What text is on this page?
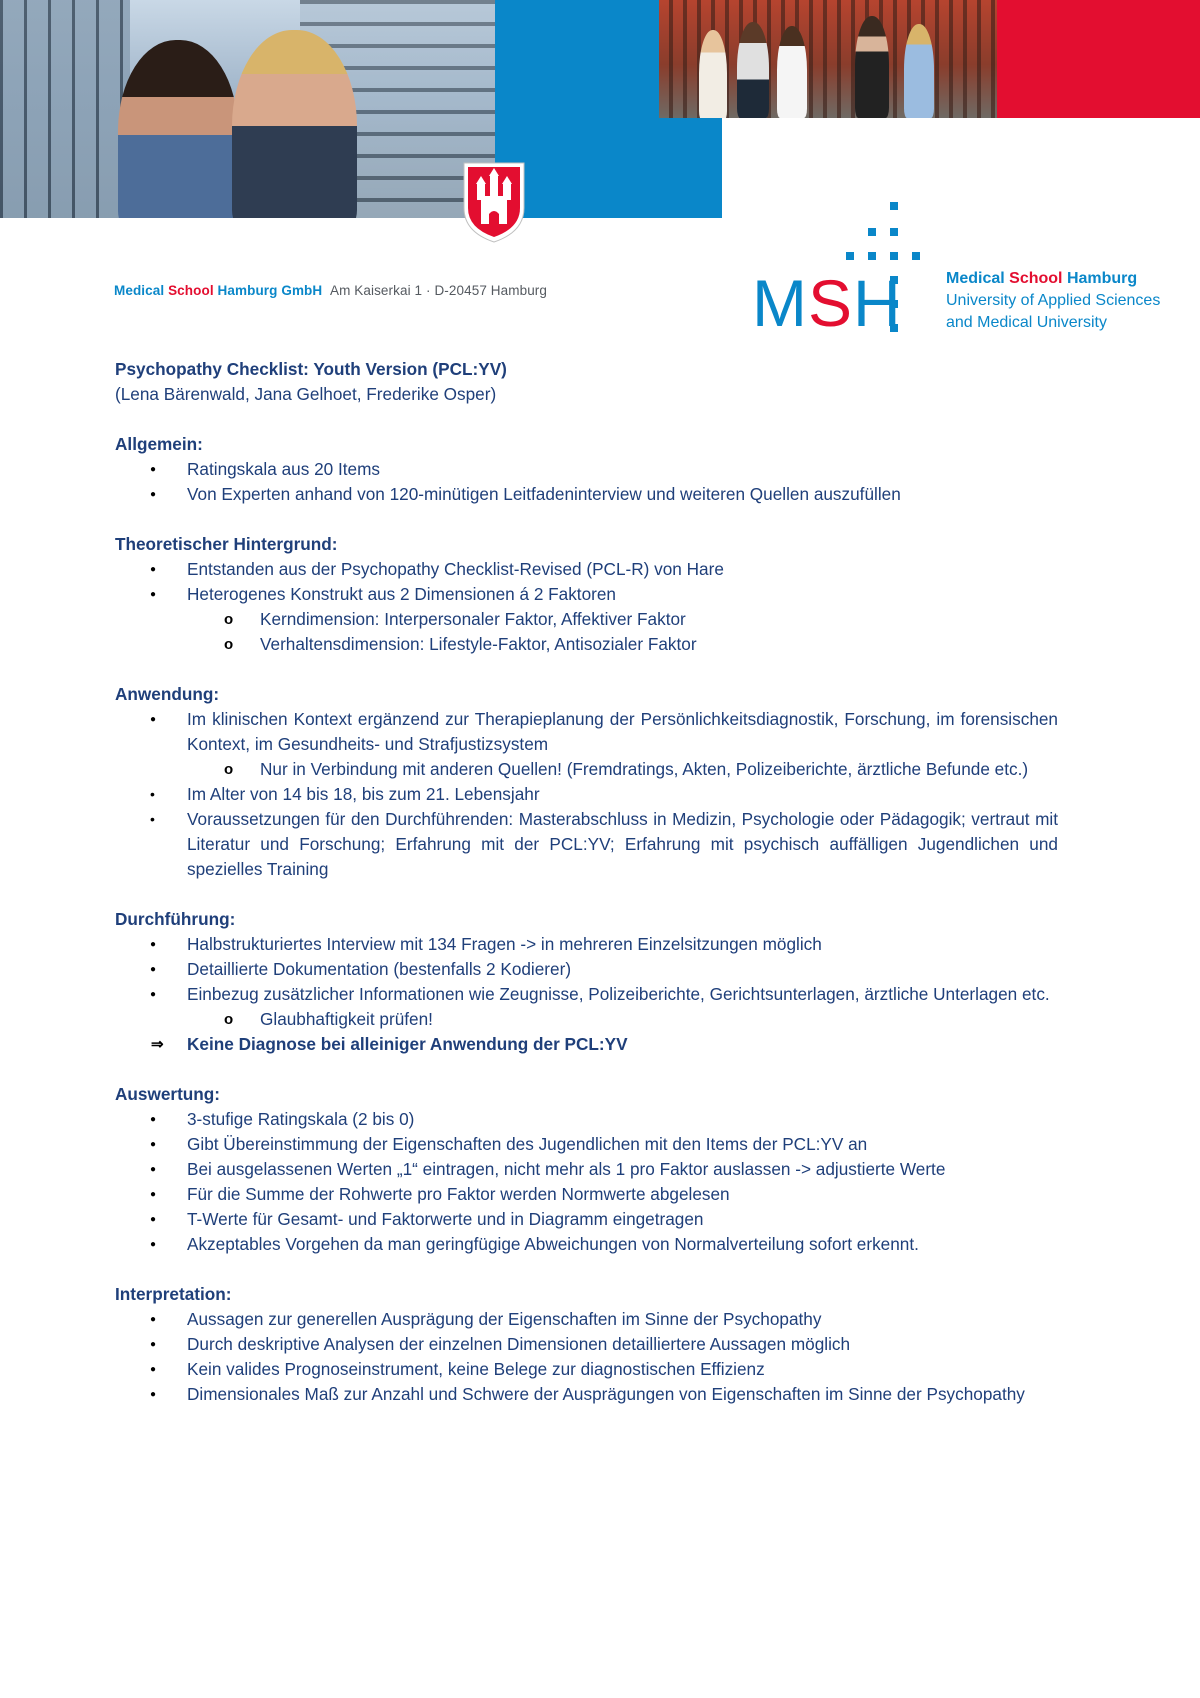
Medical School Hamburg GmbH Am Kaiserkai 1 · D-20457 Hamburg	MSH	Medical School Hamburg
University of Applied Sciences
and Medical University
Psychopathy Checklist: Youth Version (PCL:YV)
(Lena Bärenwald, Jana Gelhoet, Frederike Osper)
Allgemein:
● Ratingskala aus 20 Items
● Von Experten anhand von 120-minütigen Leitfadeninterview und weiteren Quellen auszufüllen
Theoretischer Hintergrund:
● Entstanden aus der Psychopathy Checklist-Revised (PCL-R) von Hare
● Heterogenes Konstrukt aus 2 Dimensionen á 2 Faktoren
o Kerndimension: Interpersonaler Faktor, Affektiver Faktor
o Verhaltensdimension: Lifestyle-Faktor, Antisozialer Faktor
Anwendung:
● Im klinischen Kontext ergänzend zur Therapieplanung der Persönlichkeitsdiagnostik, Forschung, im forensischen Kontext, im Gesundheits- und Strafjustizsystem
o Nur in Verbindung mit anderen Quellen! (Fremdratings, Akten, Polizeiberichte, ärztliche Befunde etc.)
• Im Alter von 14 bis 18, bis zum 21. Lebensjahr
• Voraussetzungen für den Durchführenden: Masterabschluss in Medizin, Psychologie oder Pädagogik; vertraut mit Literatur und Forschung; Erfahrung mit der PCL:YV; Erfahrung mit psychisch auffälligen Jugendlichen und spezielles Training
Durchführung:
● Halbstrukturiertes Interview mit 134 Fragen -> in mehreren Einzelsitzungen möglich
● Detaillierte Dokumentation (bestenfalls 2 Kodierer)
● Einbezug zusätzlicher Informationen wie Zeugnisse, Polizeiberichte, Gerichtsunterlagen, ärztliche Unterlagen etc.
o Glaubhaftigkeit prüfen!
⇒ Keine Diagnose bei alleiniger Anwendung der PCL:YV
Auswertung:
● 3-stufige Ratingskala (2 bis 0)
● Gibt Übereinstimmung der Eigenschaften des Jugendlichen mit den Items der PCL:YV an
● Bei ausgelassenen Werten „1“ eintragen, nicht mehr als 1 pro Faktor auslassen -> adjustierte Werte
● Für die Summe der Rohwerte pro Faktor werden Normwerte abgelesen
● T-Werte für Gesamt- und Faktorwerte und in Diagramm eingetragen
● Akzeptables Vorgehen da man geringfügige Abweichungen von Normalverteilung sofort erkennt.
Interpretation:
● Aussagen zur generellen Ausprägung der Eigenschaften im Sinne der Psychopathy
● Durch deskriptive Analysen der einzelnen Dimensionen detailliertere Aussagen möglich
● Kein valides Prognoseinstrument, keine Belege zur diagnostischen Effizienz
● Dimensionales Maß zur Anzahl und Schwere der Ausprägungen von Eigenschaften im Sinne der Psychopathy
